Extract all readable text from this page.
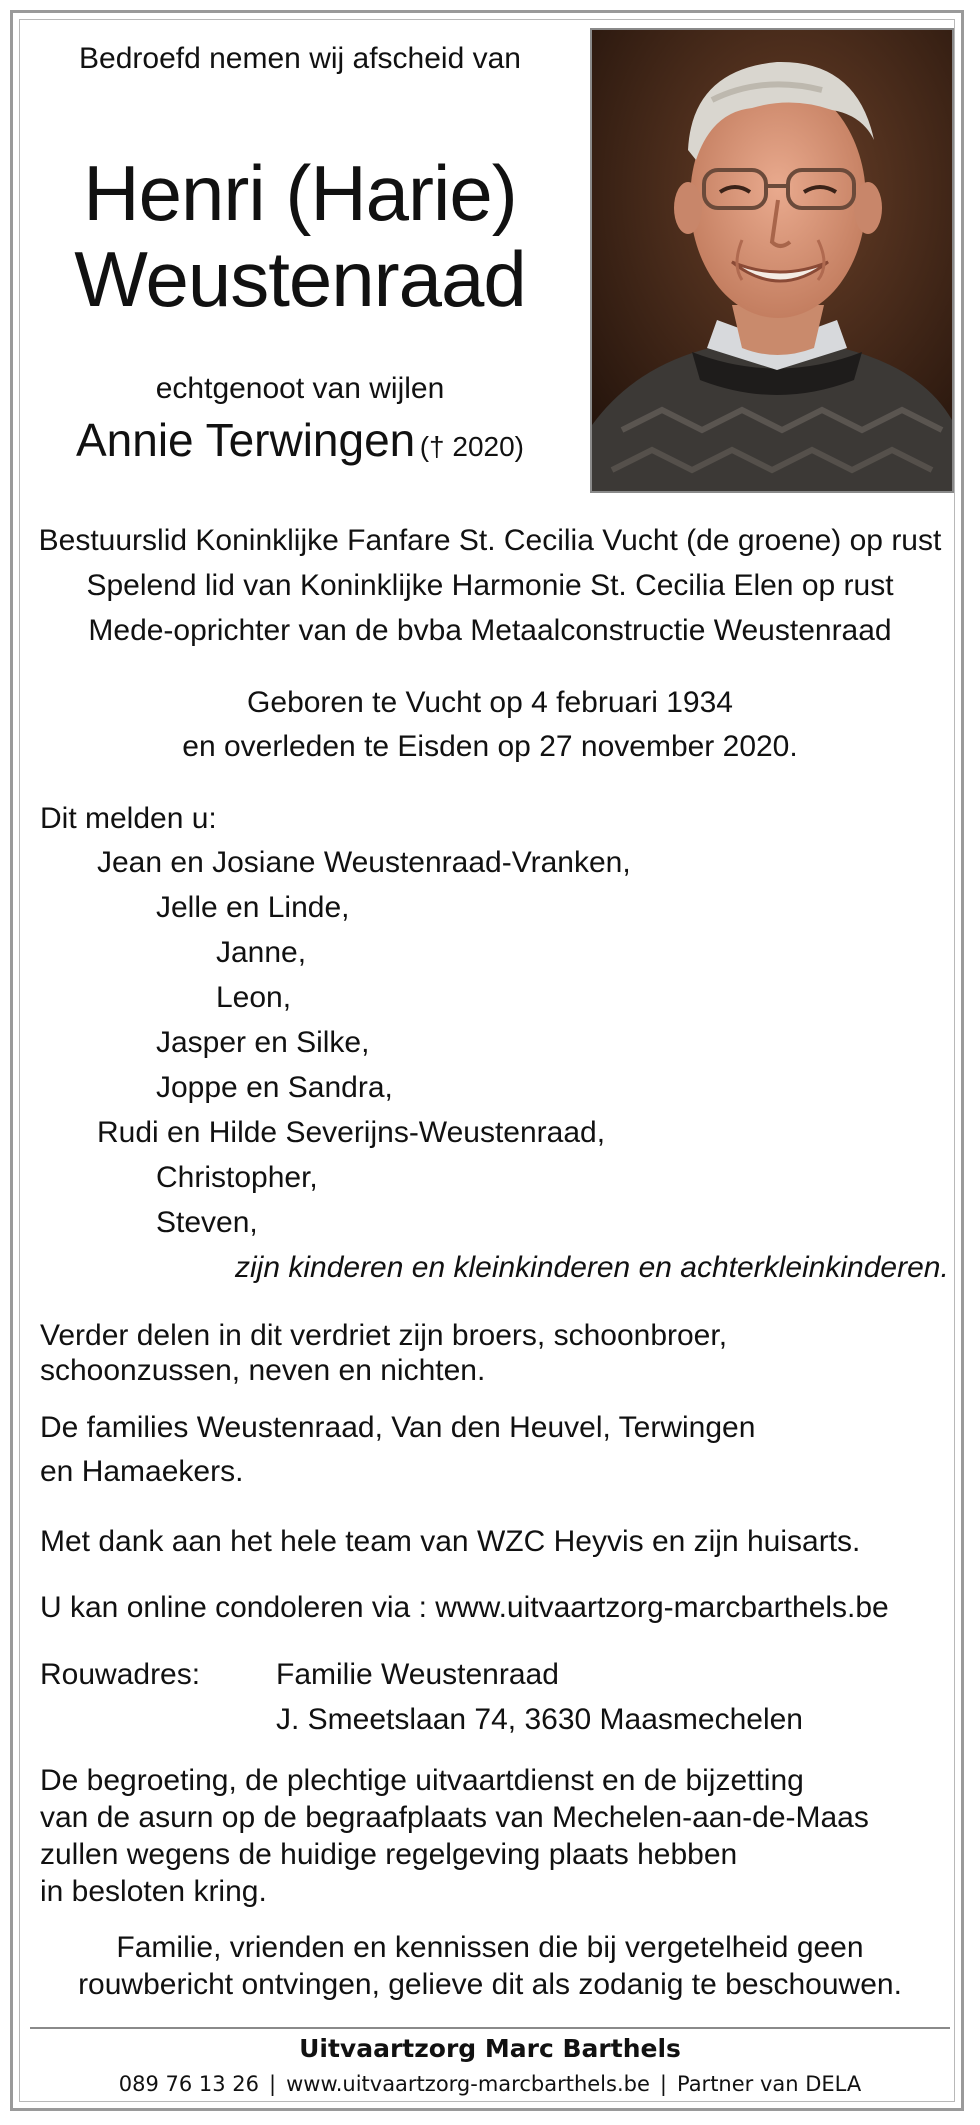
Bedroefd nemen wij afscheid van
Henri (Harie)
Weustenraad
echtgenoot van wijlen
Annie Terwingen († 2020)
Bestuurslid Koninklijke Fanfare St. Cecilia Vucht (de groene) op rust
Spelend lid van Koninklijke Harmonie St. Cecilia Elen op rust
Mede-oprichter van de bvba Metaalconstructie Weustenraad
Geboren te Vucht op 4 februari 1934
en overleden te Eisden op 27 november 2020.
Dit melden u:
Jean en Josiane Weustenraad-Vranken,
Jelle en Linde,
Janne,
Leon,
Jasper en Silke,
Joppe en Sandra,
Rudi en Hilde Severijns-Weustenraad,
Christopher,
Steven,
zijn kinderen en kleinkinderen en achterkleinkinderen.
Verder delen in dit verdriet zijn broers, schoonbroer,
schoonzussen, neven en nichten.
De families Weustenraad, Van den Heuvel, Terwingen
en Hamaekers.
Met dank aan het hele team van WZC Heyvis en zijn huisarts.
U kan online condoleren via : www.uitvaartzorg-marcbarthels.be
Rouwadres:	Familie Weustenraad
J. Smeetslaan 74, 3630 Maasmechelen
De begroeting, de plechtige uitvaartdienst en de bijzetting
van de asurn op de begraafplaats van Mechelen-aan-de-Maas
zullen wegens de huidige regelgeving plaats hebben
in besloten kring.
Familie, vrienden en kennissen die bij vergetelheid geen
rouwbericht ontvingen, gelieve dit als zodanig te beschouwen.
Uitvaartzorg Marc Barthels
089 76 13 26 | www.uitvaartzorg-marcbarthels.be | Partner van DELA
